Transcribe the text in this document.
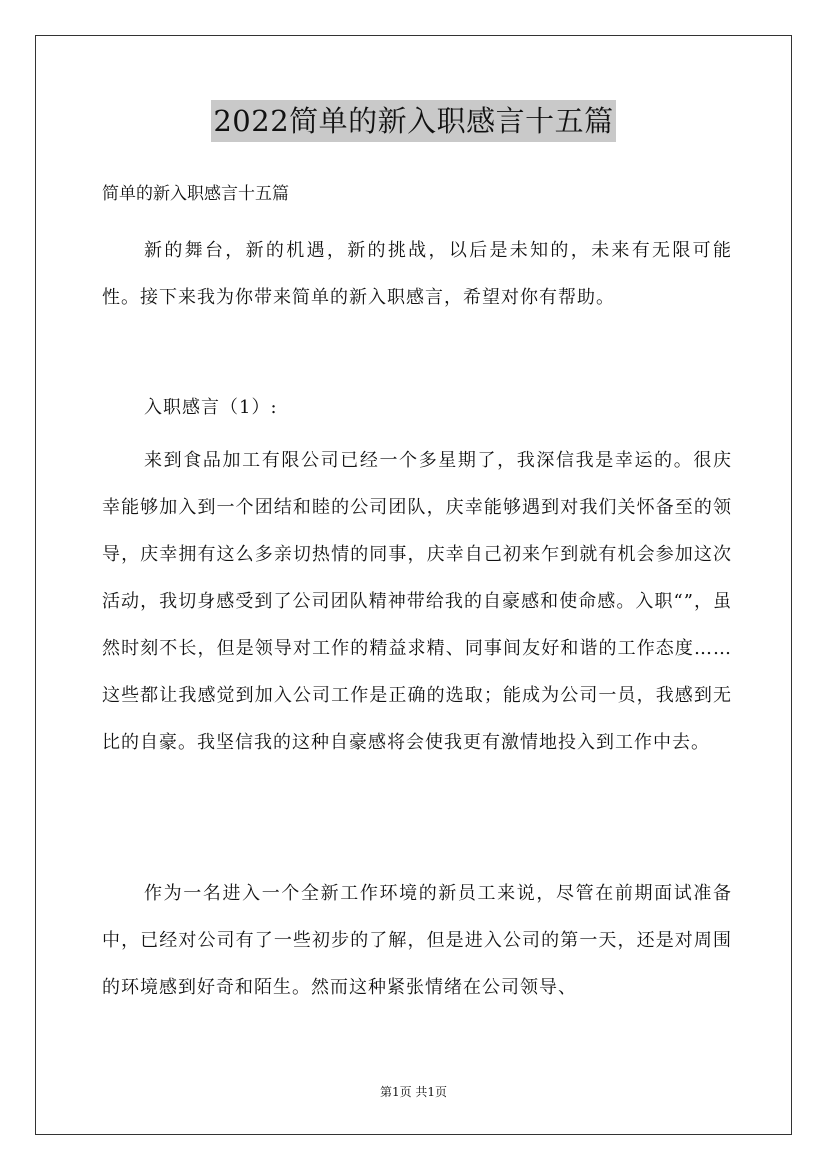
2022简单的新入职感言十五篇
简单的新入职感言十五篇

新的舞台，新的机遇，新的挑战，以后是未知的，未来有无限可能性。接下来我为你带来简单的新入职感言，希望对你有帮助。

入职感言（1）:

来到食品加工有限公司已经一个多星期了，我深信我是幸运的。很庆幸能够加入到一个团结和睦的公司团队，庆幸能够遇到对我们关怀备至的领导，庆幸拥有这么多亲切热情的同事，庆幸自己初来乍到就有机会参加这次活动，我切身感受到了公司团队精神带给我的自豪感和使命感。入职“”，虽然时刻不长，但是领导对工作的精益求精、同事间友好和谐的工作态度……这些都让我感觉到加入公司工作是正确的选取；能成为公司一员，我感到无比的自豪。我坚信我的这种自豪感将会使我更有激情地投入到工作中去。

作为一名进入一个全新工作环境的新员工来说，尽管在前期面试准备中，已经对公司有了一些初步的了解，但是进入公司的第一天，还是对周围的环境感到好奇和陌生。然而这种紧张情绪在公司领导、

第1页 共1页
